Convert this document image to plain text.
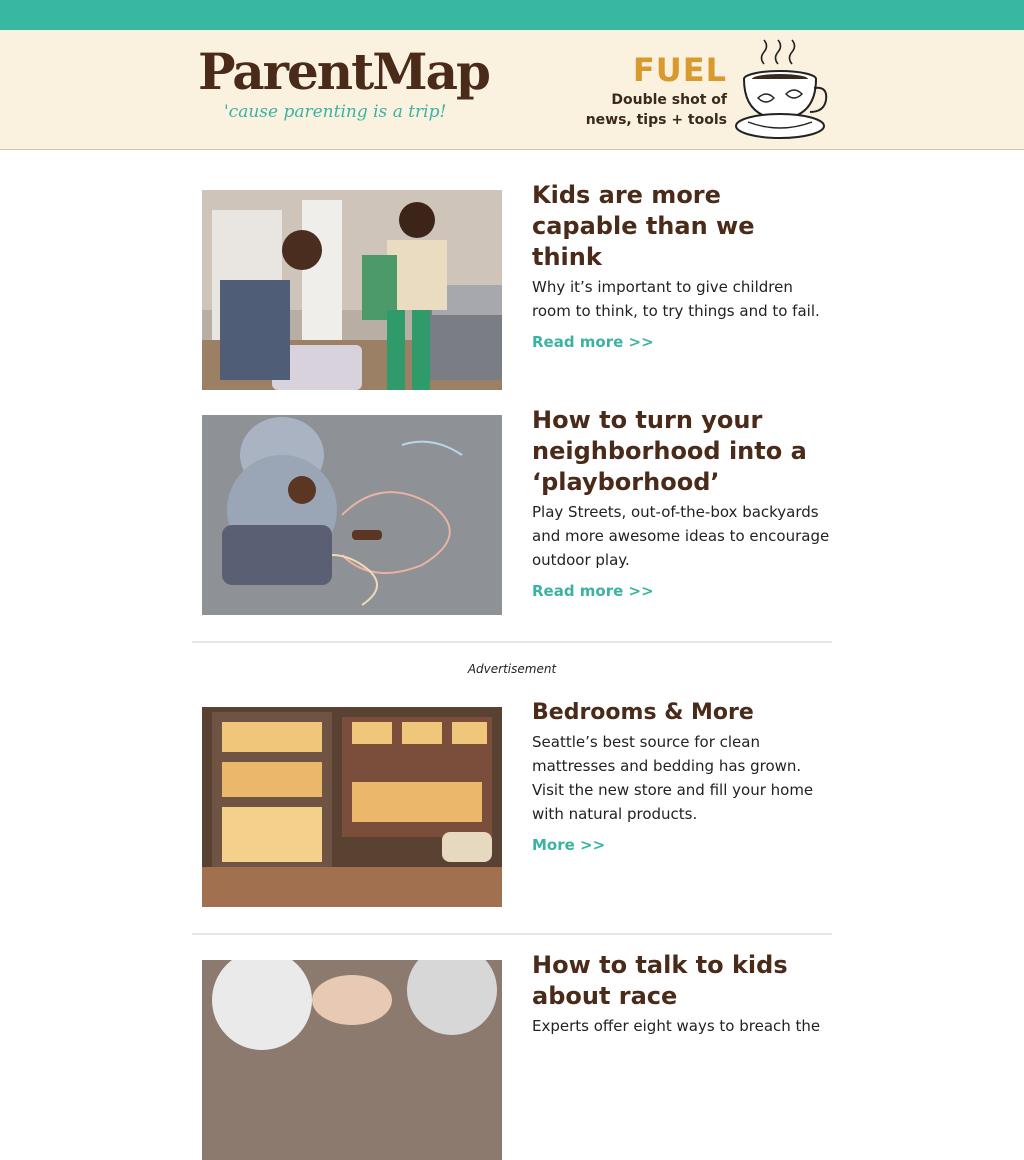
ParentMap
'cause parenting is a trip!
FUEL
Double shot of
news, tips + tools
Kids are more capable than we think

Why it’s important to give children room to think, to try things and to fail.

Read more >>
How to turn your neighborhood into a ‘playborhood’

Play Streets, out-of-the-box backyards and more awesome ideas to encourage outdoor play.

Read more >>
Advertisement
Bedrooms & More

Seattle’s best source for clean mattresses and bedding has grown. Visit the new store and fill your home with natural products.

More >>
How to talk to kids about race

Experts offer eight ways to breach the
